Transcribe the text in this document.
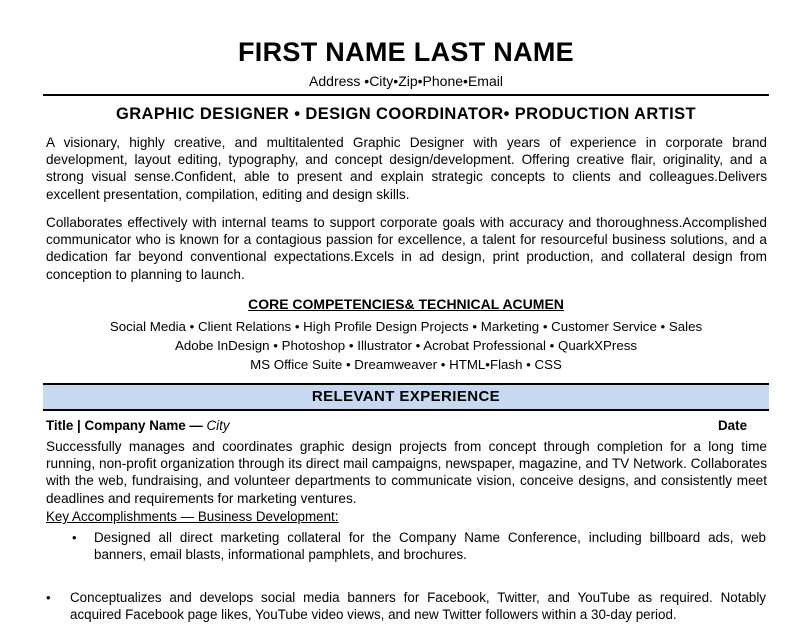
FIRST NAME LAST NAME
Address •City•Zip•Phone•Email
GRAPHIC DESIGNER • DESIGN COORDINATOR• PRODUCTION ARTIST

A visionary, highly creative, and multitalented Graphic Designer with years of experience in corporate brand development, layout editing, typography, and concept design/development. Offering creative flair, originality, and a strong visual sense.Confident, able to present and explain strategic concepts to clients and colleagues.Delivers excellent presentation, compilation, editing and design skills.

Collaborates effectively with internal teams to support corporate goals with accuracy and thoroughness.Accomplished communicator who is known for a contagious passion for excellence, a talent for resourceful business solutions, and a dedication far beyond conventional expectations.Excels in ad design, print production, and collateral design from conception to planning to launch.

CORE COMPETENCIES& TECHNICAL ACUMEN
Social Media • Client Relations • High Profile Design Projects • Marketing • Customer Service • Sales
Adobe InDesign • Photoshop • Illustrator • Acrobat Professional • QuarkXPress
MS Office Suite • Dreamweaver • HTML•Flash • CSS
RELEVANT EXPERIENCE
Title | Company Name — City	Date

Successfully manages and coordinates graphic design projects from concept through completion for a long time running, non-profit organization through its direct mail campaigns, newspaper, magazine, and TV Network. Collaborates with the web, fundraising, and volunteer departments to communicate vision, conceive designs, and consistently meet deadlines and requirements for marketing ventures.

Key Accomplishments — Business Development:
• Designed all direct marketing collateral for the Company Name Conference, including billboard ads, web banners, email blasts, informational pamphlets, and brochures.

• Conceptualizes and develops social media banners for Facebook, Twitter, and YouTube as required. Notably acquired Facebook page likes, YouTube video views, and new Twitter followers within a 30-day period.
